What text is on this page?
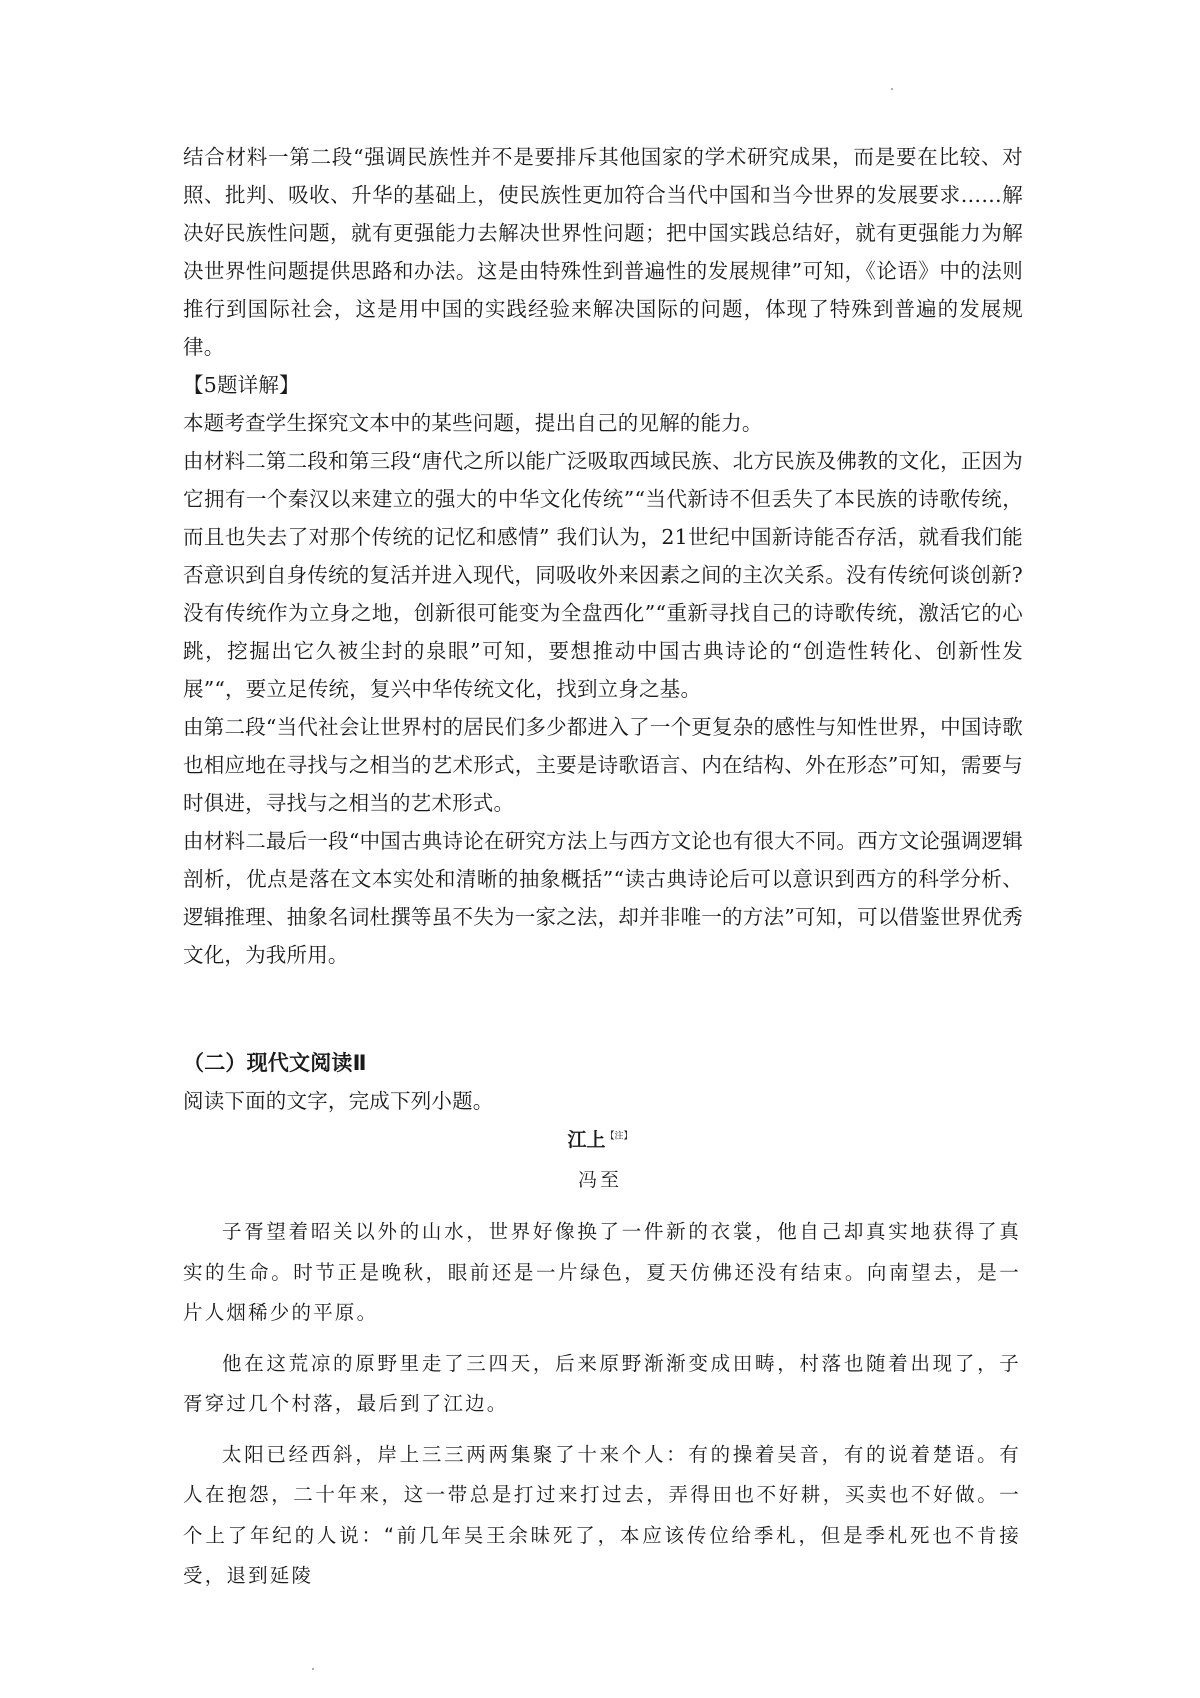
结合材料一第二段“强调民族性并不是要排斥其他国家的学术研究成果，而是要在比较、对照、批判、吸收、升华的基础上，使民族性更加符合当代中国和当今世界的发展要求……解决好民族性问题，就有更强能力去解决世界性问题；把中国实践总结好，就有更强能力为解决世界性问题提供思路和办法。这是由特殊性到普遍性的发展规律”可知，《论语》中的法则推行到国际社会，这是用中国的实践经验来解决国际的问题，体现了特殊到普遍的发展规律。

【5题详解】

本题考查学生探究文本中的某些问题，提出自己的见解的能力。

由材料二第二段和第三段“唐代之所以能广泛吸取西域民族、北方民族及佛教的文化，正因为它拥有一个秦汉以来建立的强大的中华文化传统”“当代新诗不但丢失了本民族的诗歌传统，而且也失去了对那个传统的记忆和感情” 我们认为，21世纪中国新诗能否存活，就看我们能否意识到自身传统的复活并进入现代，同吸收外来因素之间的主次关系。没有传统何谈创新?没有传统作为立身之地，创新很可能变为全盘西化”“重新寻找自己的诗歌传统，激活它的心跳，挖掘出它久被尘封的泉眼”可知，要想推动中国古典诗论的“创造性转化、创新性发展”“，要立足传统，复兴中华传统文化，找到立身之基。

由第二段“当代社会让世界村的居民们多少都进入了一个更复杂的感性与知性世界，中国诗歌也相应地在寻找与之相当的艺术形式，主要是诗歌语言、内在结构、外在形态”可知，需要与时俱进，寻找与之相当的艺术形式。

由材料二最后一段“中国古典诗论在研究方法上与西方文论也有很大不同。西方文论强调逻辑剖析，优点是落在文本实处和清晰的抽象概括”“读古典诗论后可以意识到西方的科学分析、逻辑推理、抽象名词杜撰等虽不失为一家之法，却并非唯一的方法”可知，可以借鉴世界优秀文化，为我所用。

（二）现代文阅读Ⅱ

阅读下面的文字，完成下列小题。

江上$^{【注】}$
冯至

子胥望着昭关以外的山水，世界好像换了一件新的衣裳，他自己却真实地获得了真实的生命。时节正是晚秋，眼前还是一片绿色，夏天仿佛还没有结束。向南望去，是一片人烟稀少的平原。

他在这荒凉的原野里走了三四天，后来原野渐渐变成田畴，村落也随着出现了，子胥穿过几个村落，最后到了江边。

太阳已经西斜，岸上三三两两集聚了十来个人：有的操着吴音，有的说着楚语。有人在抱怨，二十年来，这一带总是打过来打过去，弄得田也不好耕，买卖也不好做。一个上了年纪的人说：“前几年吴王余昧死了，本应该传位给季札，但是季札死也不肯接受，退到延陵
